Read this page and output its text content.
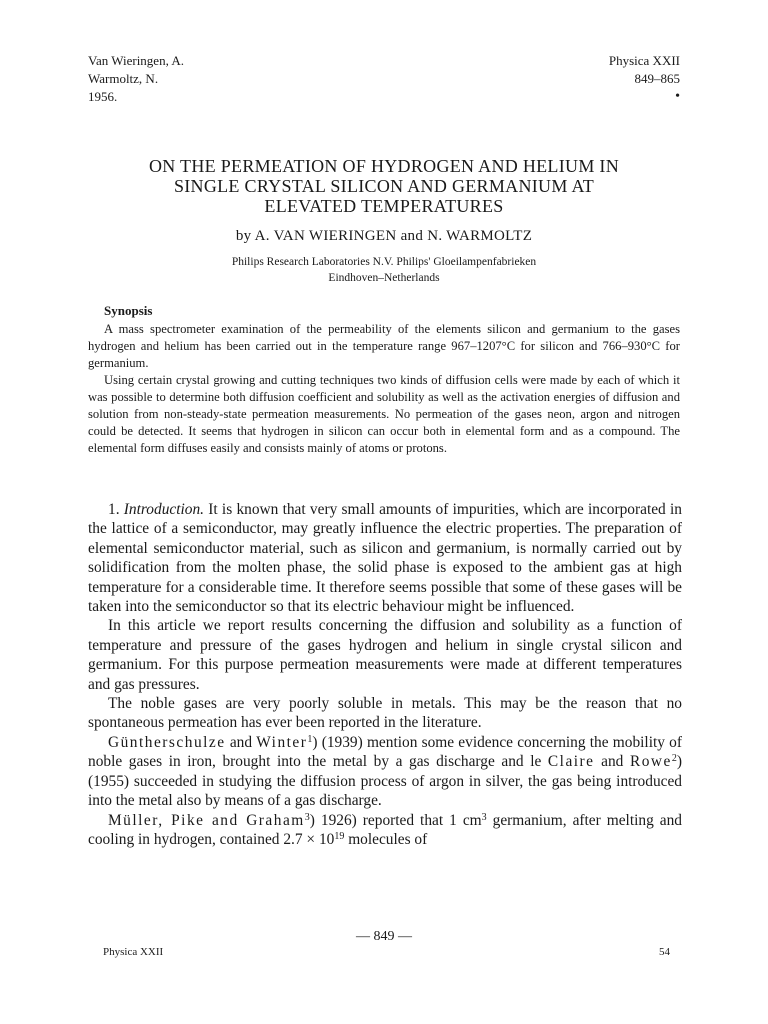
Van Wieringen, A.
Warmoltz, N.
1956.
Physica XXII
849–865
•
ON THE PERMEATION OF HYDROGEN AND HELIUM IN
SINGLE CRYSTAL SILICON AND GERMANIUM AT
ELEVATED TEMPERATURES
by A. VAN WIERINGEN and N. WARMOLTZ
Philips Research Laboratories N.V. Philips' Gloeilampenfabrieken
Eindhoven–Netherlands
Synopsis

A mass spectrometer examination of the permeability of the elements silicon and germanium to the gases hydrogen and helium has been carried out in the temperature range 967–1207°C for silicon and 766–930°C for germanium.

Using certain crystal growing and cutting techniques two kinds of diffusion cells were made by each of which it was possible to determine both diffusion coefficient and solubility as well as the activation energies of diffusion and solution from non-steady-state permeation measurements. No permeation of the gases neon, argon and nitrogen could be detected. It seems that hydrogen in silicon can occur both in elemental form and as a compound. The elemental form diffuses easily and consists mainly of atoms or protons.

1. Introduction. It is known that very small amounts of impurities, which are incorporated in the lattice of a semiconductor, may greatly influence the electric properties. The preparation of elemental semiconductor material, such as silicon and germanium, is normally carried out by solidification from the molten phase, the solid phase is exposed to the ambient gas at high temperature for a considerable time. It therefore seems possible that some of these gases will be taken into the semiconductor so that its electric behaviour might be influenced.

In this article we report results concerning the diffusion and solubility as a function of temperature and pressure of the gases hydrogen and helium in single crystal silicon and germanium. For this purpose permeation measurements were made at different temperatures and gas pressures.

The noble gases are very poorly soluble in metals. This may be the reason that no spontaneous permeation has ever been reported in the literature.

Güntherschulze and Winter$^1$) (1939) mention some evidence concerning the mobility of noble gases in iron, brought into the metal by a gas discharge and le Claire and Rowe$^2$) (1955) succeeded in studying the diffusion process of argon in silver, the gas being introduced into the metal also by means of a gas discharge.

Müller, Pike and Graham$^3$) 1926) reported that 1 $cm^3$ germanium, after melting and cooling in hydrogen, contained $2.7 \times 10^{19}$ molecules of

— 849 —
Physica XXII	54
